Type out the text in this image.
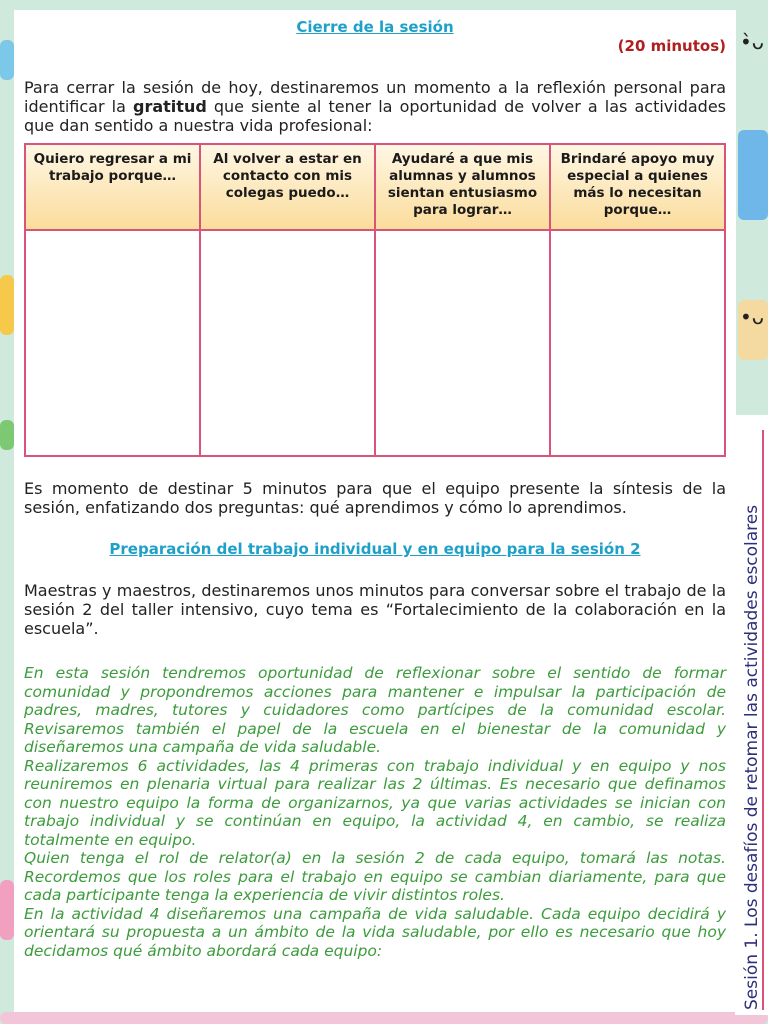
•̀ᴗ
•ᴗ
Cierre de la sesión
(20 minutos)

Para cerrar la sesión de hoy, destinaremos un momento a la reflexión personal para identificar la gratitud que siente al tener la oportunidad de volver a las actividades que dan sentido a nuestra vida profesional:

Quiero regresar a mi trabajo porque…	Al volver a estar en contacto con mis colegas puedo…	Ayudaré a que mis alumnas y alumnos sientan entusiasmo para lograr…	Brindaré apoyo muy especial a quienes más lo necesitan porque…

Es momento de destinar 5 minutos para que el equipo presente la síntesis de la sesión, enfatizando dos preguntas: qué aprendimos y cómo lo aprendimos.

Preparación del trabajo individual y en equipo para la sesión 2

Maestras y maestros, destinaremos unos minutos para conversar sobre el trabajo de la sesión 2 del taller intensivo, cuyo tema es “Fortalecimiento de la colaboración en la escuela”.

En esta sesión tendremos oportunidad de reflexionar sobre el sentido de formar comunidad y propondremos acciones para mantener e impulsar la participación de padres, madres, tutores y cuidadores como partícipes de la comunidad escolar. Revisaremos también el papel de la escuela en el bienestar de la comunidad y diseñaremos una campaña de vida saludable.

Realizaremos 6 actividades, las 4 primeras con trabajo individual y en equipo y nos reuniremos en plenaria virtual para realizar las 2 últimas. Es necesario que definamos con nuestro equipo la forma de organizarnos, ya que varias actividades se inician con trabajo individual y se continúan en equipo, la actividad 4, en cambio, se realiza totalmente en equipo.

Quien tenga el rol de relator(a) en la sesión 2 de cada equipo, tomará las notas. Recordemos que los roles para el trabajo en equipo se cambian diariamente, para que cada participante tenga la experiencia de vivir distintos roles.

En la actividad 4 diseñaremos una campaña de vida saludable. Cada equipo decidirá y orientará su propuesta a un ámbito de la vida saludable, por ello es necesario que hoy decidamos qué ámbito abordará cada equipo:	Sesión 1. Los desafíos de retomar las actividades escolares
